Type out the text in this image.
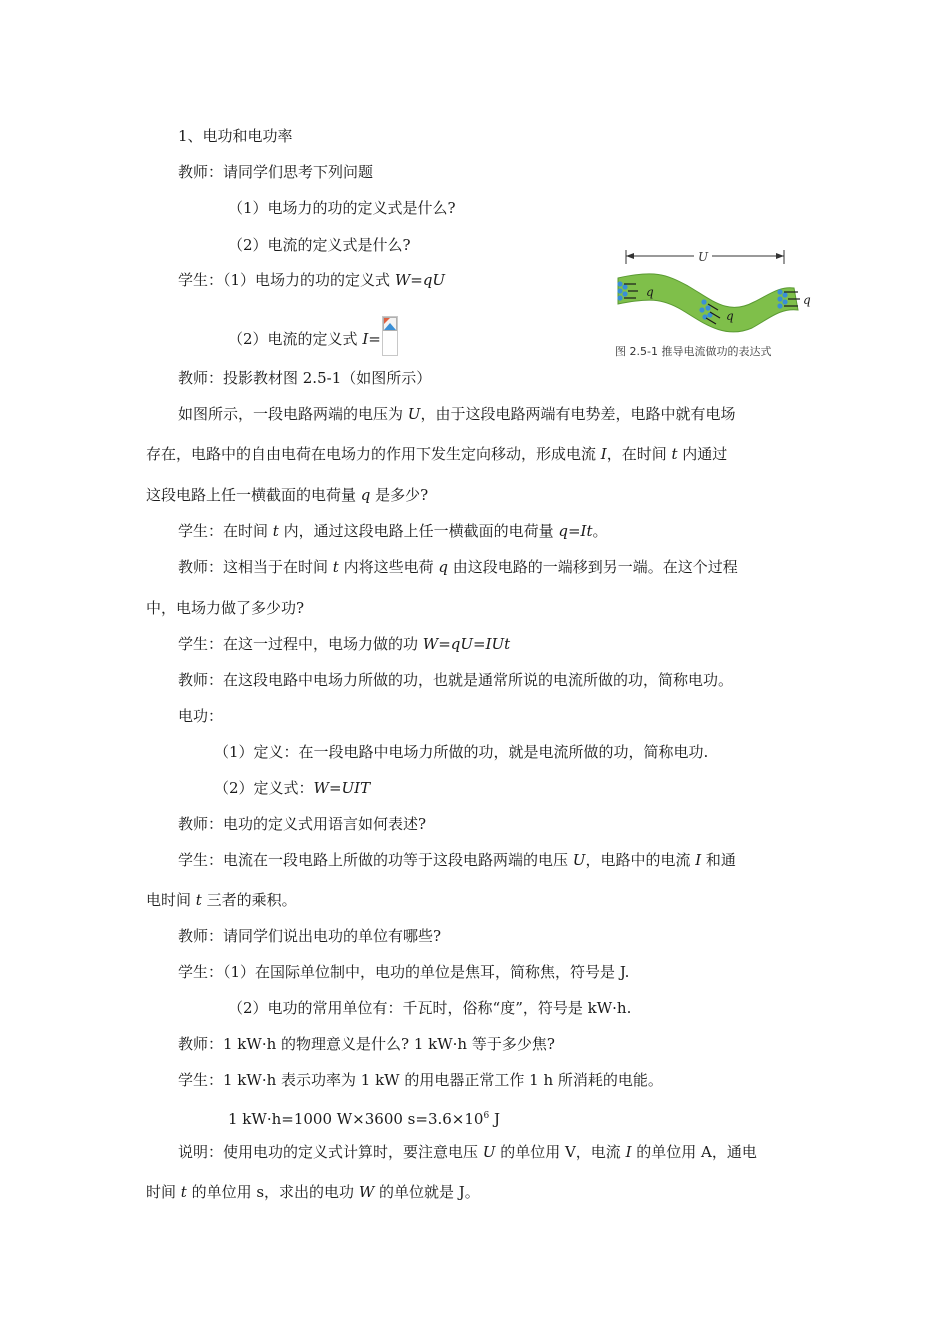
1、电功和电功率
教师：请同学们思考下列问题
（1）电场力的功的定义式是什么?
（2）电流的定义式是什么?
学生：（1）电场力的功的定义式 W=qU
（2）电流的定义式 I=
教师：投影教材图 2.5-1（如图所示）
如图所示，一段电路两端的电压为 U，由于这段电路两端有电势差，电路中就有电场
存在，电路中的自由电荷在电场力的作用下发生定向移动，形成电流 I，在时间 t 内通过
这段电路上任一横截面的电荷量 q 是多少?
学生：在时间 t 内，通过这段电路上任一横截面的电荷量 q=It。
教师：这相当于在时间 t 内将这些电荷 q 由这段电路的一端移到另一端。在这个过程
中，电场力做了多少功?
学生：在这一过程中，电场力做的功 W=qU=IUt
教师：在这段电路中电场力所做的功，也就是通常所说的电流所做的功，简称电功。
电功：
（1）定义：在一段电路中电场力所做的功，就是电流所做的功，简称电功.
（2）定义式：W=UIT
教师：电功的定义式用语言如何表述?
学生：电流在一段电路上所做的功等于这段电路两端的电压 U，电路中的电流 I 和通
电时间 t 三者的乘积。
教师：请同学们说出电功的单位有哪些?
学生：（1）在国际单位制中，电功的单位是焦耳，简称焦，符号是 J.
（2）电功的常用单位有：千瓦时，俗称“度”，符号是 kW·h.
教师：1 kW·h 的物理意义是什么? 1 kW·h 等于多少焦?
学生：1 kW·h 表示功率为 1 kW 的用电器正常工作 1 h 所消耗的电能。
1 kW·h=1000 W×3600 $s=3.6\times 10^6$ J
说明：使用电功的定义式计算时，要注意电压 U 的单位用 V，电流 I 的单位用 A，通电
时间 t 的单位用 s，求出的电功 W 的单位就是 J。
U
q
q
q
图 2.5-1 推导电流做功的表达式
